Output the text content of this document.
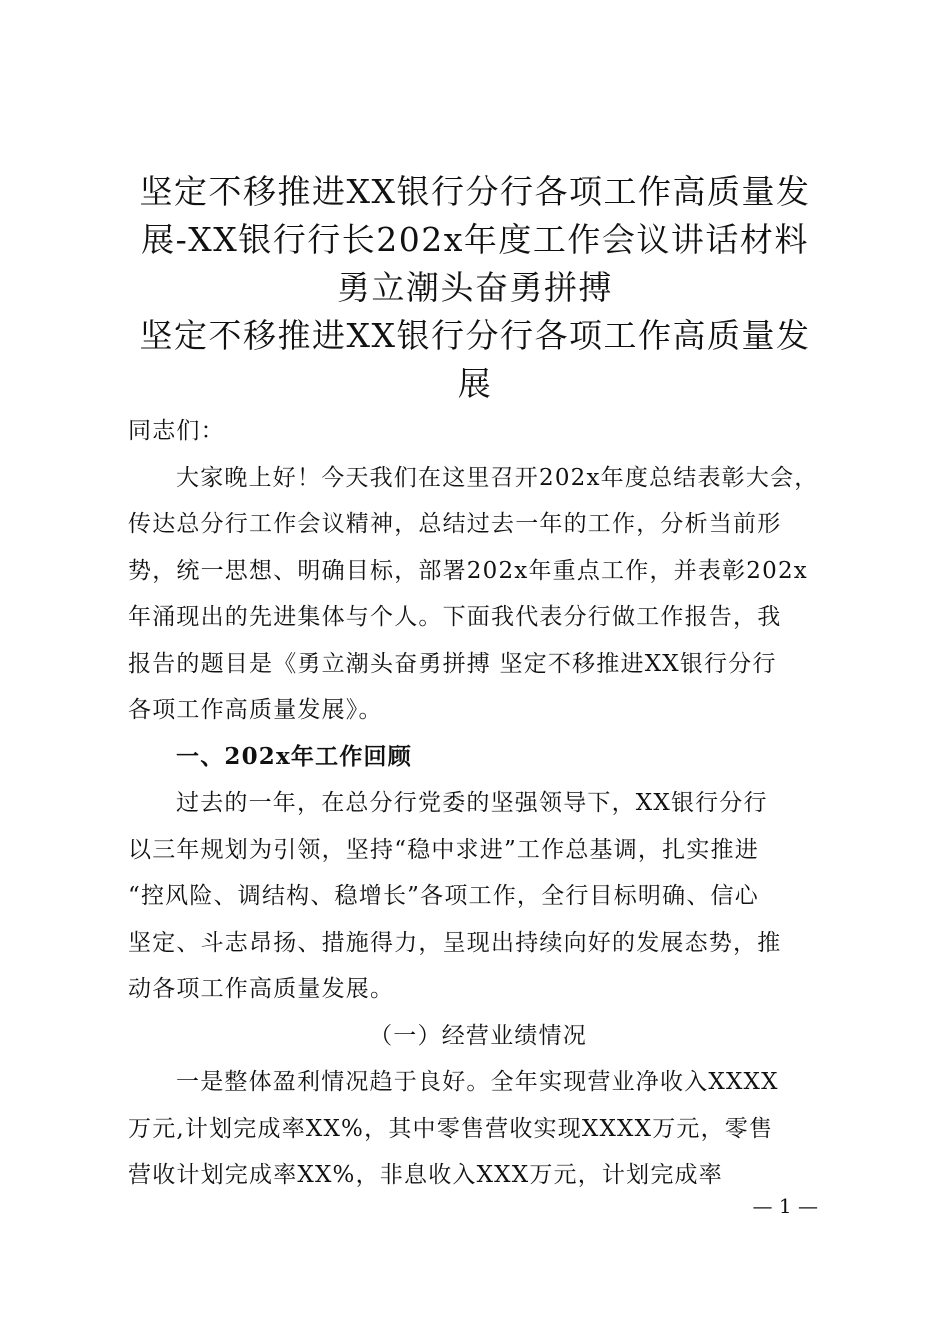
坚定不移推进XX银行分行各项工作高质量发
展-XX银行行长202x年度工作会议讲话材料
勇立潮头奋勇拼搏
坚定不移推进XX银行分行各项工作高质量发
展
同志们：
大家晚上好！今天我们在这里召开202x年度总结表彰大会，
传达总分行工作会议精神，总结过去一年的工作，分析当前形
势，统一思想、明确目标，部署202x年重点工作，并表彰202x
年涌现出的先进集体与个人。下面我代表分行做工作报告，我
报告的题目是《勇立潮头奋勇拼搏 坚定不移推进XX银行分行
各项工作高质量发展》。
一、202x年工作回顾
过去的一年，在总分行党委的坚强领导下，XX银行分行
以三年规划为引领，坚持“稳中求进”工作总基调，扎实推进
“控风险、调结构、稳增长”各项工作，全行目标明确、信心
坚定、斗志昂扬、措施得力，呈现出持续向好的发展态势，推
动各项工作高质量发展。
（一）经营业绩情况
一是整体盈利情况趋于良好。全年实现营业净收入XXXX
万元,计划完成率XX%，其中零售营收实现XXXX万元，零售
营收计划完成率XX%，非息收入XXX万元，计划完成率
— 1 —
